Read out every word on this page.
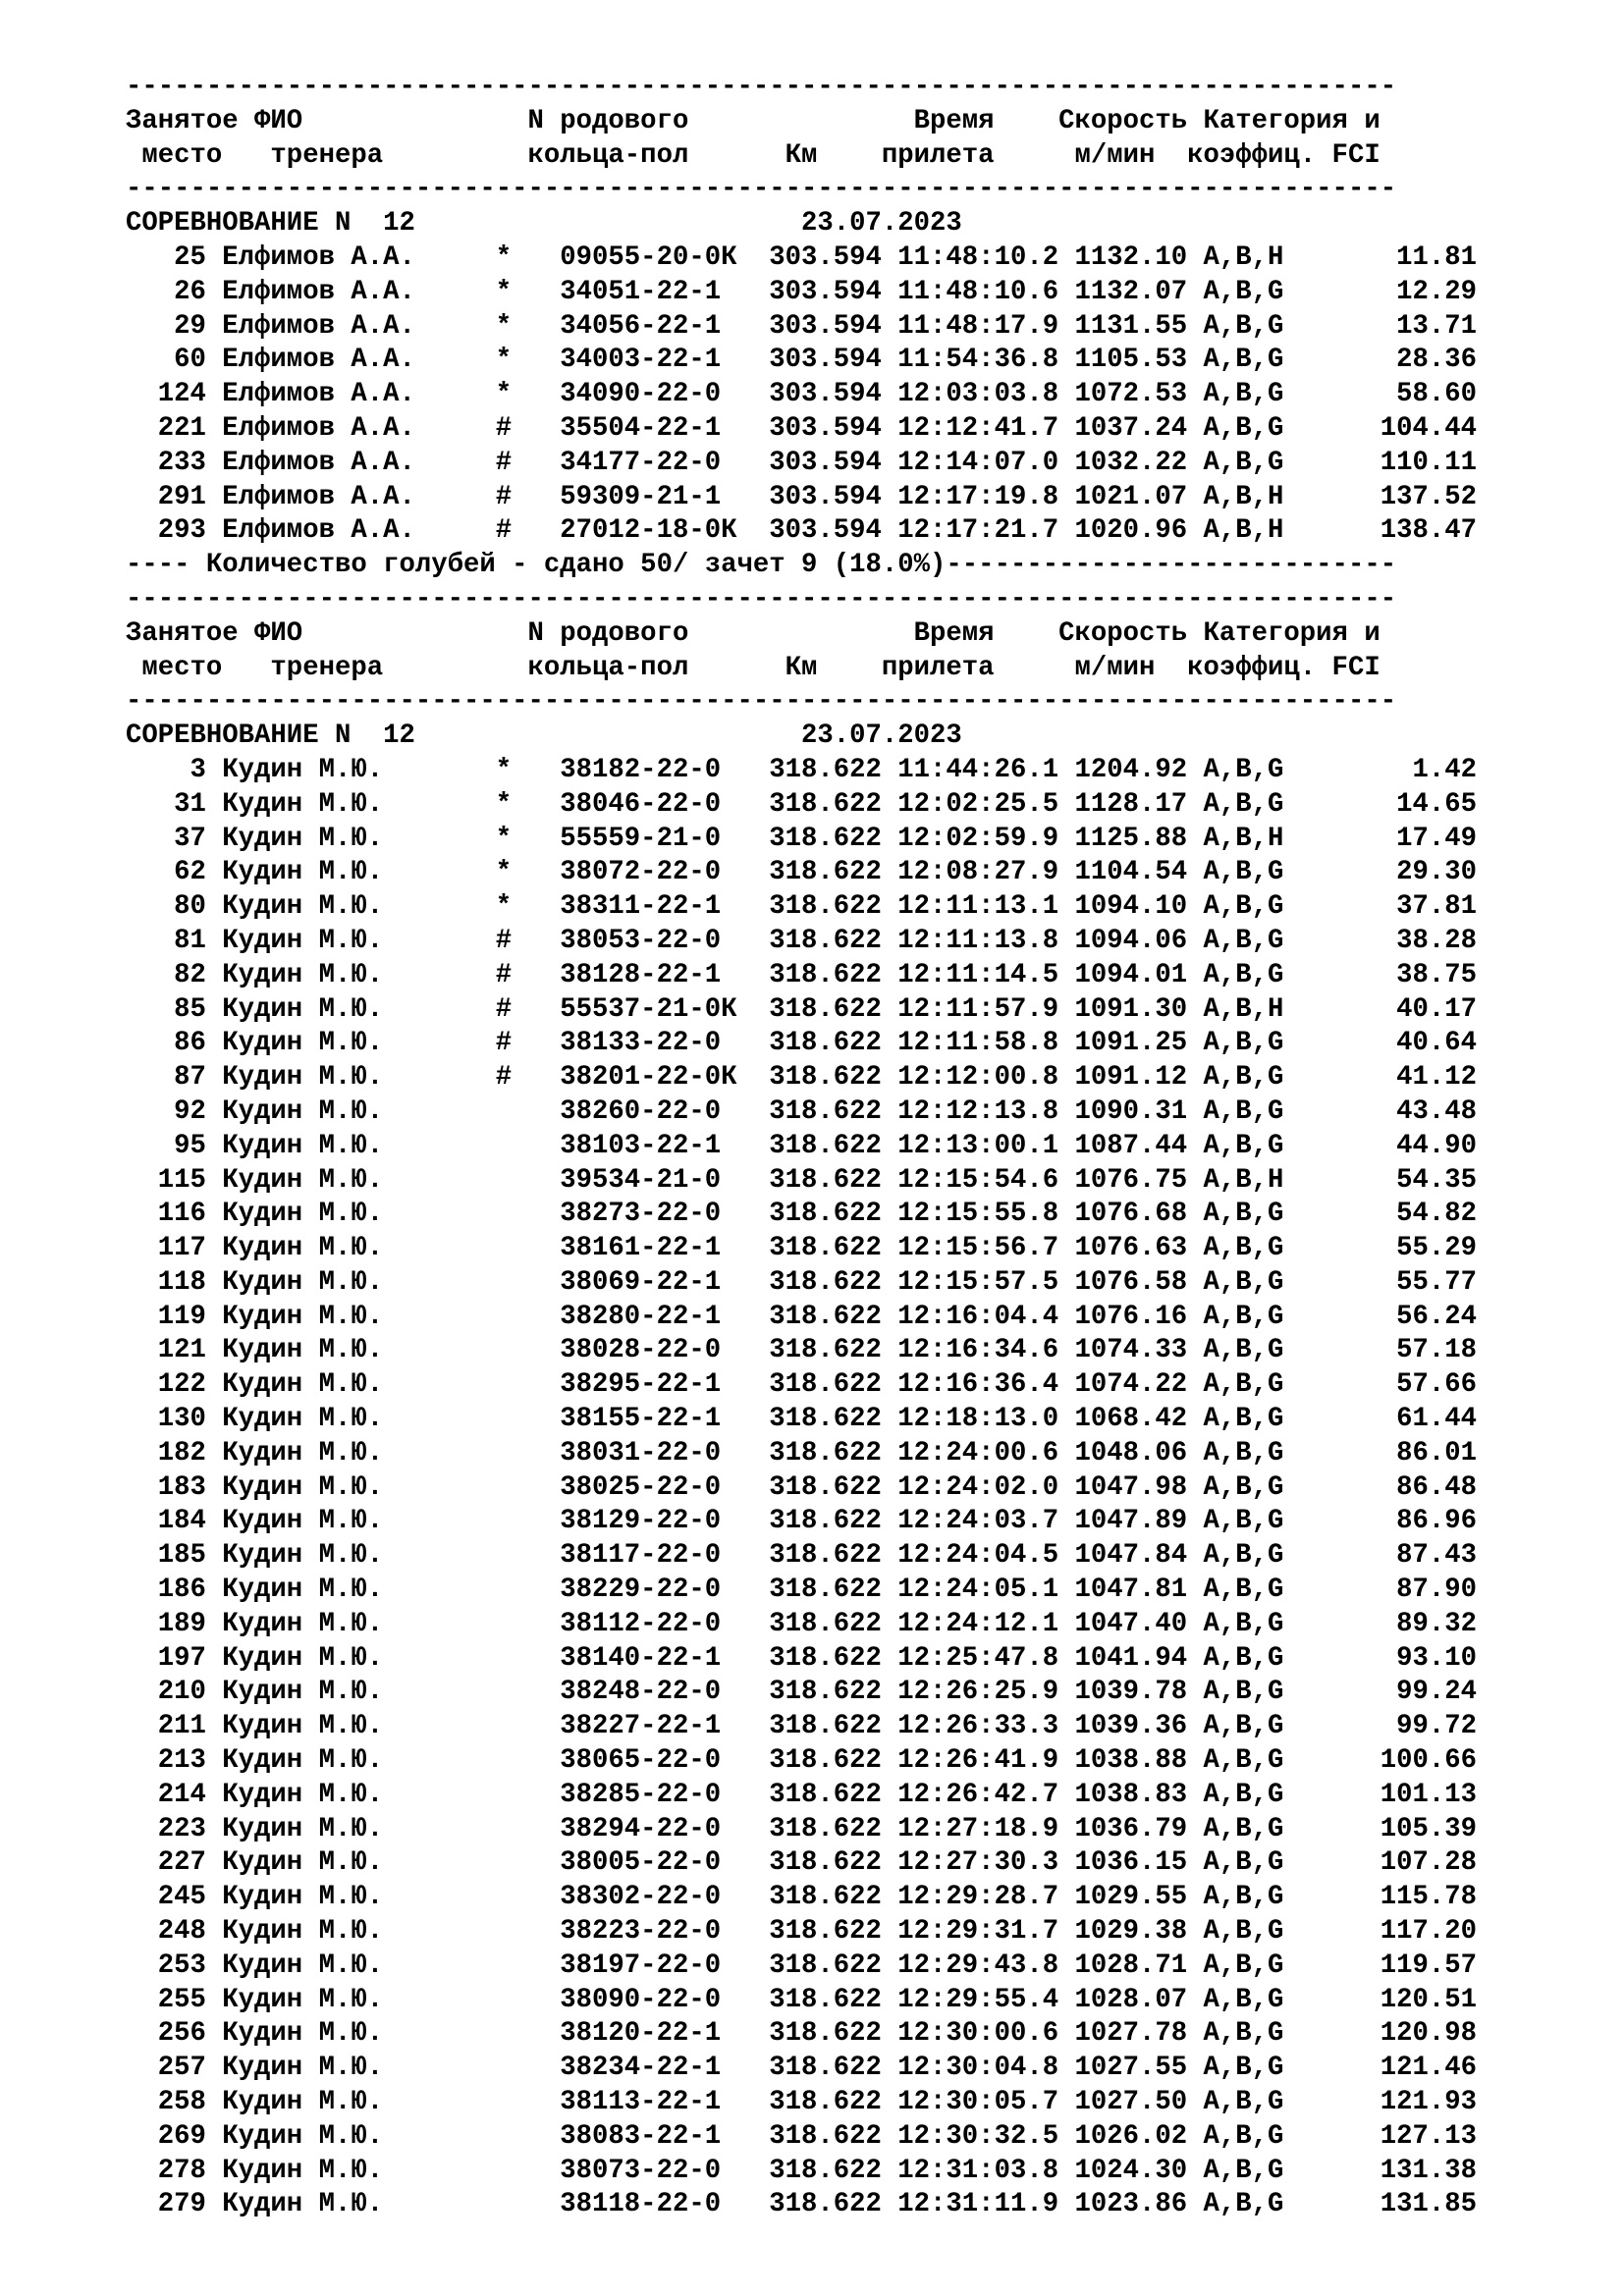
-------------------------------------------------------------------------------
Занятое ФИО              N родового              Время    Скорость Категория и
место   тренера         кольца-пол      Км    прилета     м/мин  коэффиц. FCI
-------------------------------------------------------------------------------
СОРЕВНОВАНИЕ N  12                        23.07.2023
25 Елфимов А.А.     *   09055-20-0К  303.594 11:48:10.2 1132.10 A,B,H       11.81
26 Елфимов А.А.     *   34051-22-1   303.594 11:48:10.6 1132.07 A,B,G       12.29
29 Елфимов А.А.     *   34056-22-1   303.594 11:48:17.9 1131.55 A,B,G       13.71
60 Елфимов А.А.     *   34003-22-1   303.594 11:54:36.8 1105.53 A,B,G       28.36
124 Елфимов А.А.     *   34090-22-0   303.594 12:03:03.8 1072.53 A,B,G       58.60
221 Елфимов А.А.     #   35504-22-1   303.594 12:12:41.7 1037.24 A,B,G      104.44
233 Елфимов А.А.     #   34177-22-0   303.594 12:14:07.0 1032.22 A,B,G      110.11
291 Елфимов А.А.     #   59309-21-1   303.594 12:17:19.8 1021.07 A,B,H      137.52
293 Елфимов А.А.     #   27012-18-0К  303.594 12:17:21.7 1020.96 A,B,H      138.47
---- Количество голубей - сдано 50/ зачет 9 (18.0%)----------------------------
-------------------------------------------------------------------------------
Занятое ФИО              N родового              Время    Скорость Категория и
место   тренера         кольца-пол      Км    прилета     м/мин  коэффиц. FCI
-------------------------------------------------------------------------------
СОРЕВНОВАНИЕ N  12                        23.07.2023
3 Кудин М.Ю.       *   38182-22-0   318.622 11:44:26.1 1204.92 A,B,G        1.42
31 Кудин М.Ю.       *   38046-22-0   318.622 12:02:25.5 1128.17 A,B,G       14.65
37 Кудин М.Ю.       *   55559-21-0   318.622 12:02:59.9 1125.88 A,B,H       17.49
62 Кудин М.Ю.       *   38072-22-0   318.622 12:08:27.9 1104.54 A,B,G       29.30
80 Кудин М.Ю.       *   38311-22-1   318.622 12:11:13.1 1094.10 A,B,G       37.81
81 Кудин М.Ю.       #   38053-22-0   318.622 12:11:13.8 1094.06 A,B,G       38.28
82 Кудин М.Ю.       #   38128-22-1   318.622 12:11:14.5 1094.01 A,B,G       38.75
85 Кудин М.Ю.       #   55537-21-0К  318.622 12:11:57.9 1091.30 A,B,H       40.17
86 Кудин М.Ю.       #   38133-22-0   318.622 12:11:58.8 1091.25 A,B,G       40.64
87 Кудин М.Ю.       #   38201-22-0К  318.622 12:12:00.8 1091.12 A,B,G       41.12
92 Кудин М.Ю.           38260-22-0   318.622 12:12:13.8 1090.31 A,B,G       43.48
95 Кудин М.Ю.           38103-22-1   318.622 12:13:00.1 1087.44 A,B,G       44.90
115 Кудин М.Ю.           39534-21-0   318.622 12:15:54.6 1076.75 A,B,H       54.35
116 Кудин М.Ю.           38273-22-0   318.622 12:15:55.8 1076.68 A,B,G       54.82
117 Кудин М.Ю.           38161-22-1   318.622 12:15:56.7 1076.63 A,B,G       55.29
118 Кудин М.Ю.           38069-22-1   318.622 12:15:57.5 1076.58 A,B,G       55.77
119 Кудин М.Ю.           38280-22-1   318.622 12:16:04.4 1076.16 A,B,G       56.24
121 Кудин М.Ю.           38028-22-0   318.622 12:16:34.6 1074.33 A,B,G       57.18
122 Кудин М.Ю.           38295-22-1   318.622 12:16:36.4 1074.22 A,B,G       57.66
130 Кудин М.Ю.           38155-22-1   318.622 12:18:13.0 1068.42 A,B,G       61.44
182 Кудин М.Ю.           38031-22-0   318.622 12:24:00.6 1048.06 A,B,G       86.01
183 Кудин М.Ю.           38025-22-0   318.622 12:24:02.0 1047.98 A,B,G       86.48
184 Кудин М.Ю.           38129-22-0   318.622 12:24:03.7 1047.89 A,B,G       86.96
185 Кудин М.Ю.           38117-22-0   318.622 12:24:04.5 1047.84 A,B,G       87.43
186 Кудин М.Ю.           38229-22-0   318.622 12:24:05.1 1047.81 A,B,G       87.90
189 Кудин М.Ю.           38112-22-0   318.622 12:24:12.1 1047.40 A,B,G       89.32
197 Кудин М.Ю.           38140-22-1   318.622 12:25:47.8 1041.94 A,B,G       93.10
210 Кудин М.Ю.           38248-22-0   318.622 12:26:25.9 1039.78 A,B,G       99.24
211 Кудин М.Ю.           38227-22-1   318.622 12:26:33.3 1039.36 A,B,G       99.72
213 Кудин М.Ю.           38065-22-0   318.622 12:26:41.9 1038.88 A,B,G      100.66
214 Кудин М.Ю.           38285-22-0   318.622 12:26:42.7 1038.83 A,B,G      101.13
223 Кудин М.Ю.           38294-22-0   318.622 12:27:18.9 1036.79 A,B,G      105.39
227 Кудин М.Ю.           38005-22-0   318.622 12:27:30.3 1036.15 A,B,G      107.28
245 Кудин М.Ю.           38302-22-0   318.622 12:29:28.7 1029.55 A,B,G      115.78
248 Кудин М.Ю.           38223-22-0   318.622 12:29:31.7 1029.38 A,B,G      117.20
253 Кудин М.Ю.           38197-22-0   318.622 12:29:43.8 1028.71 A,B,G      119.57
255 Кудин М.Ю.           38090-22-0   318.622 12:29:55.4 1028.07 A,B,G      120.51
256 Кудин М.Ю.           38120-22-1   318.622 12:30:00.6 1027.78 A,B,G      120.98
257 Кудин М.Ю.           38234-22-1   318.622 12:30:04.8 1027.55 A,B,G      121.46
258 Кудин М.Ю.           38113-22-1   318.622 12:30:05.7 1027.50 A,B,G      121.93
269 Кудин М.Ю.           38083-22-1   318.622 12:30:32.5 1026.02 A,B,G      127.13
278 Кудин М.Ю.           38073-22-0   318.622 12:31:03.8 1024.30 A,B,G      131.38
279 Кудин М.Ю.           38118-22-0   318.622 12:31:11.9 1023.86 A,B,G      131.85
